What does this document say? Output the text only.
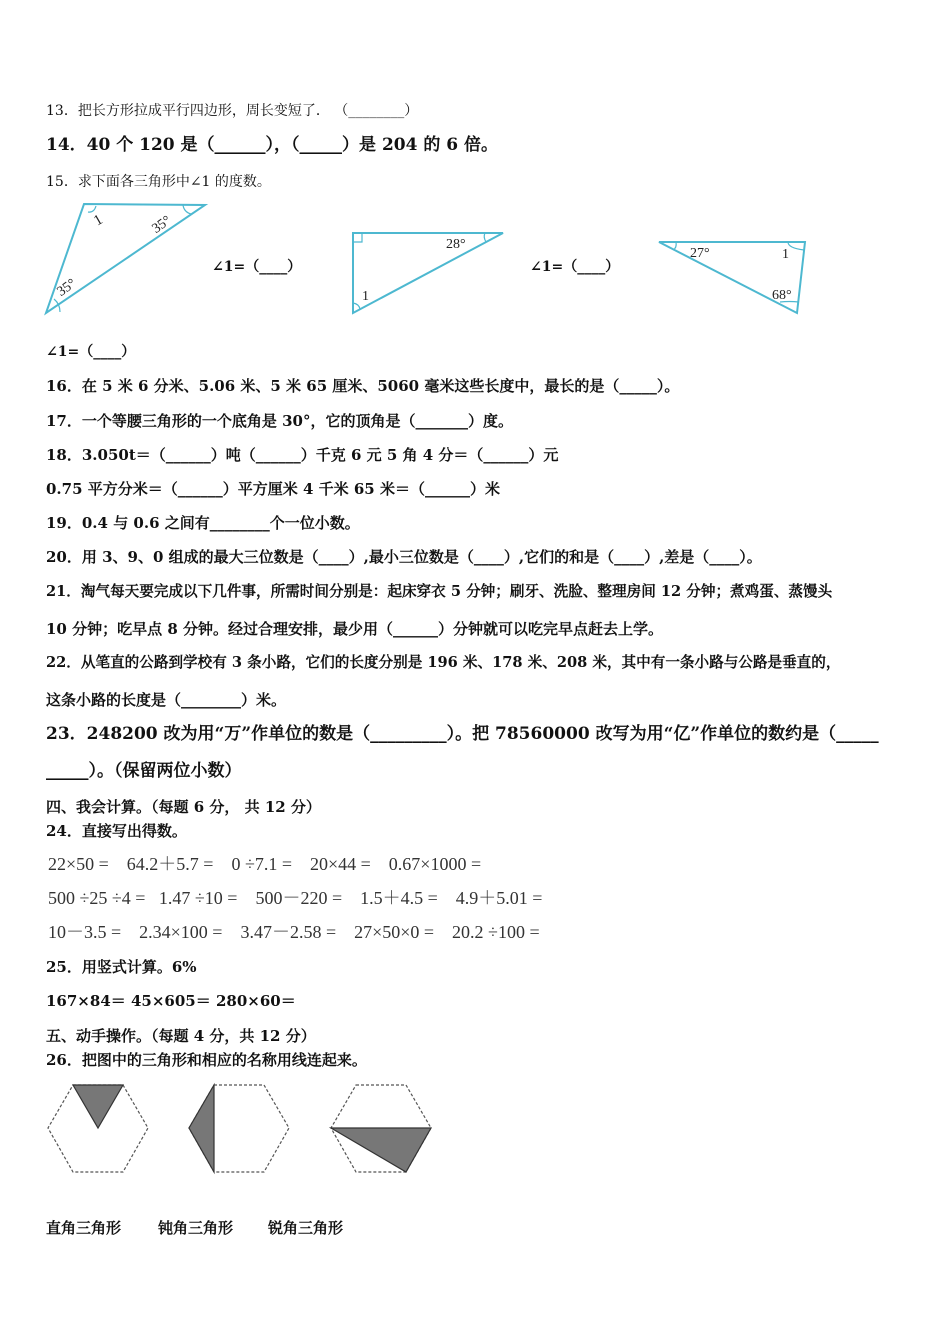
13．把长方形拉成平行四边形，周长变短了． （________）
14．40 个 120 是（______），（_____）是 204 的 6 倍。
15．求下面各三角形中∠1 的度数。
1	35°
35°
28°
1
27°	1
68°
∠1=（____）	∠1=（____）
∠1=（____）
16．在 5 米 6 分米、5.06 米、5 米 65 厘米、5060 毫米这些长度中，最长的是（_____）。
17．一个等腰三角形的一个底角是 30°，它的顶角是（_______）度。
18．3.050t＝（______）吨（______）千克 6 元 5 角 4 分＝（______）元
0.75 平方分米＝（______）平方厘米 4 千米 65 米＝（______）米
19．0.4 与 0.6 之间有________个一位小数。
20．用 3、9、0 组成的最大三位数是（____）,最小三位数是（____）,它们的和是（____）,差是（____）。
21．淘气每天要完成以下几件事，所需时间分别是：起床穿衣 5 分钟；刷牙、洗脸、整理房间 12 分钟；煮鸡蛋、蒸馒头
10 分钟；吃早点 8 分钟。经过合理安排，最少用（______）分钟就可以吃完早点赶去上学。
22．从笔直的公路到学校有 3 条小路，它们的长度分别是 196 米、178 米、208 米，其中有一条小路与公路是垂直的，
这条小路的长度是（________）米。
23．248200 改为用“万”作单位的数是（_________）。把 78560000 改写为用“亿”作单位的数约是（_____
_____）。（保留两位小数）
四、我会计算。（每题 6 分， 共 12 分）
24．直接写出得数。
22×50 =    64.2＋5.7 =    0 ÷7.1 =    20×44 =    0.67×1000 =
500 ÷25 ÷4 =   1.47 ÷10 =    500－220 =    1.5＋4.5 =    4.9＋5.01 =
10－3.5 =    2.34×100 =    3.47－2.58 =    27×50×0 =    20.2 ÷100 =
25．用竖式计算。6%
167×84＝ 45×605＝ 280×60＝
五、动手操作。（每题 4 分，共 12 分）
26．把图中的三角形和相应的名称用线连起来。
直角三角形 钝角三角形 锐角三角形
